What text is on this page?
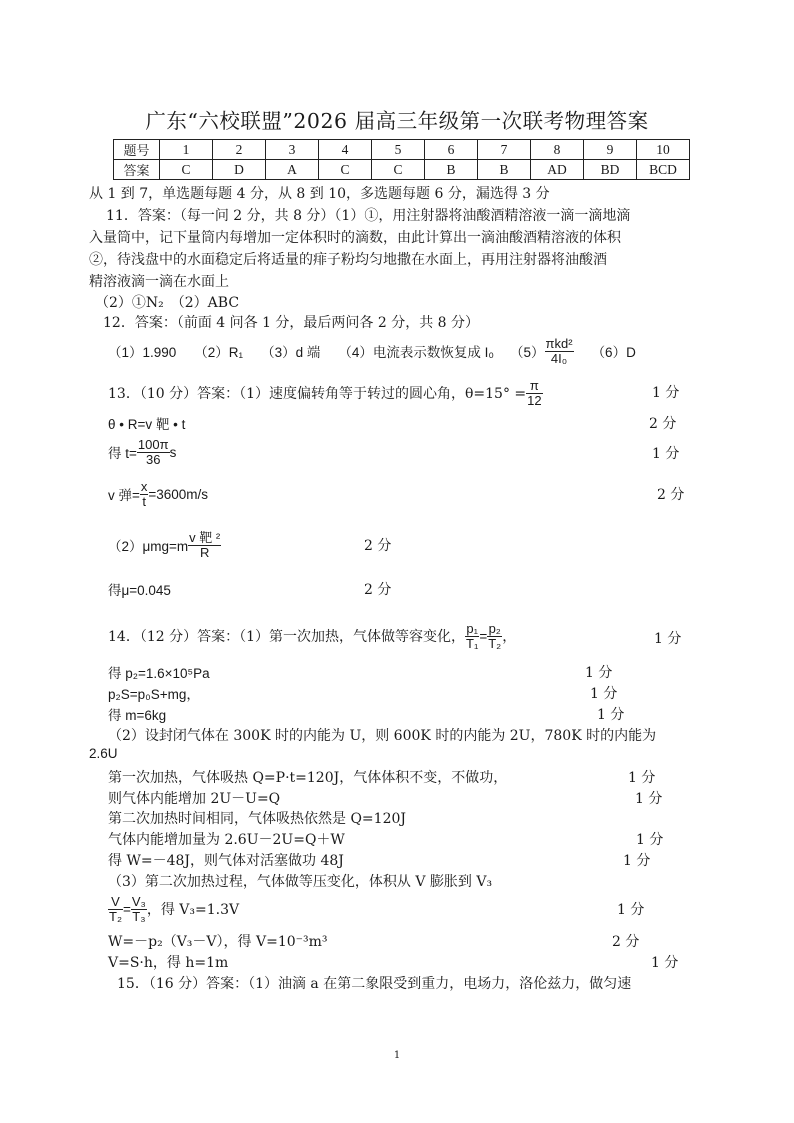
广东“六校联盟”2026 届高三年级第一次联考物理答案
题号	1	2	3	4	5	6	7	8	9	10
答案	C	D	A	C	C	B	B	AD	BD	BCD
从 1 到 7，单选题每题 4 分，从 8 到 10，多选题每题 6 分，漏选得 3 分
11．答案：（每一问 2 分，共 8 分）（1）①，用注射器将油酸酒精溶液一滴一滴地滴
入量筒中，记下量筒内每增加一定体积时的滴数，由此计算出一滴油酸酒精溶液的体积
②，待浅盘中的水面稳定后将适量的痱子粉均匀地撒在水面上，再用注射器将油酸酒
精溶液滴一滴在水面上
（2）①N₂　（2）ABC
12．答案：（前面 4 问各 1 分，最后两问各 2 分，共 8 分）
（1）1.990 （2）R₁ （3）d 端 （4）电流表示数恢复成 I₀ $(5) \frac{\text{πkd²}}{\text{4I₀}} (6)D$
13．（10 分）答案：（1）速度偏转角等于转过的圆心角，$\theta=15^\circ = \frac{\pi}{12}$	1 分
θ • R=v 靶 • t	2 分
得 $t= \frac{100\pi}{36}$ s	1 分
v 弹= $\frac{x}{t} =3600m/s$	2 分
$(2)\mu mg=m \frac{\text{v 靶 ²}}{R}$	2 分
得μ=0.045	2 分
14．（12 分）答案：（1）第一次加热，气体做等容变化， $\frac{\text{p₁}}{\text{T₁}} = \frac{\text{p₂}}{\text{T₂}}$ ，	1 分
得 p₂=1.6×10⁵Pa	1 分
p₂S=p₀S+mg，	1 分
得 m=6kg	1 分
（2）设封闭气体在 300K 时的内能为 U，则 600K 时的内能为 2U，780K 时的内能为
2.6U
第一次加热，气体吸热 Q=P·t=120J，气体体积不变，不做功，	1 分
则气体内能增加 2U－U=Q	1 分
第二次加热时间相同，气体吸热依然是 Q=120J
气体内能增加量为 2.6U－2U=Q＋W	1 分
得 W=－48J，则气体对活塞做功 48J	1 分
（3）第二次加热过程，气体做等压变化，体积从 V 膨胀到 V₃
$\frac{V}{\text{T₂}} = \frac{\text{V₃}}{\text{T₃}}$ ，得 V₃=1.3V	1 分
W=－p₂（V₃－V），得 V=10⁻³m³	2 分
V=S·h，得 h=1m	1 分
15．（16 分）答案：（1）油滴 a 在第二象限受到重力，电场力，洛伦兹力，做匀速
1
